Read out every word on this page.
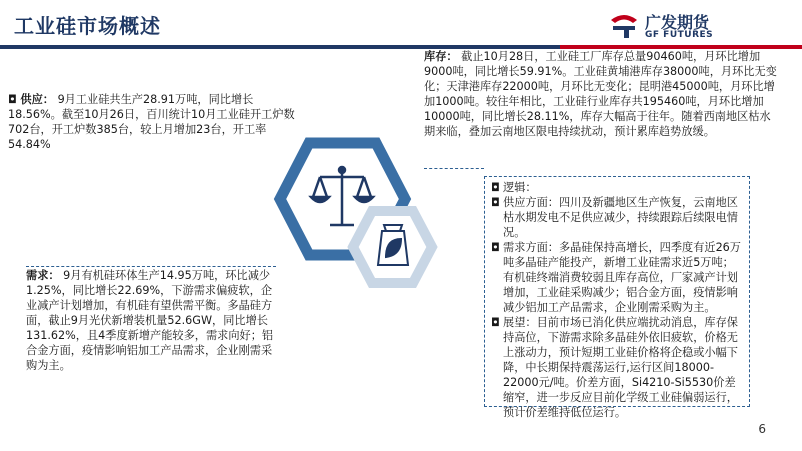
工业硅市场概述	广发期货
GF FUTURES
◘ 供应： 9月工业硅共生产28.91万吨，同比增长18.56%。截至10月26日，百川统计10月工业硅开工炉数702台，开工炉数385台，较上月增加23台，开工率54.84%
需求： 9月有机硅环体生产14.95万吨，环比减少1.25%，同比增长22.69%，下游需求偏疲软，企业减产计划增加，有机硅有望供需平衡。多晶硅方面，截止9月光伏新增装机量52.6GW，同比增长131.62%，且4季度新增产能较多，需求向好；铝合金方面，疫情影响铝加工产品需求，企业刚需采购为主。
库存： 截止10月28日，工业硅工厂库存总量90460吨，月环比增加9000吨，同比增长59.91%。工业硅黄埔港库存38000吨，月环比无变化；天津港库存22000吨，月环比无变化；昆明港45000吨，月环比增加1000吨。较往年相比，工业硅行业库存共195460吨，月环比增加10000吨，同比增长28.11%，库存大幅高于往年。随着西南地区枯水期来临，叠加云南地区限电持续扰动，预计累库趋势放缓。
◘ 逻辑：
◘ 供应方面：四川及新疆地区生产恢复，云南地区枯水期发电不足供应减少，持续跟踪后续限电情况。
◘ 需求方面：多晶硅保持高增长，四季度有近26万吨多晶硅产能投产，新增工业硅需求近5万吨；有机硅终端消费较弱且库存高位，厂家减产计划增加，工业硅采购减少；铝合金方面，疫情影响减少铝加工产品需求，企业刚需采购为主。
◘ 展望：目前市场已消化供应端扰动消息，库存保持高位，下游需求除多晶硅外依旧疲软，价格无上涨动力，预计短期工业硅价格将企稳或小幅下降，中长期保持震荡运行,运行区间18000-22000元/吨。价差方面，Si4210-Si5530价差缩窄，进一步反应目前化学级工业硅偏弱运行，预计价差维持低位运行。
6
